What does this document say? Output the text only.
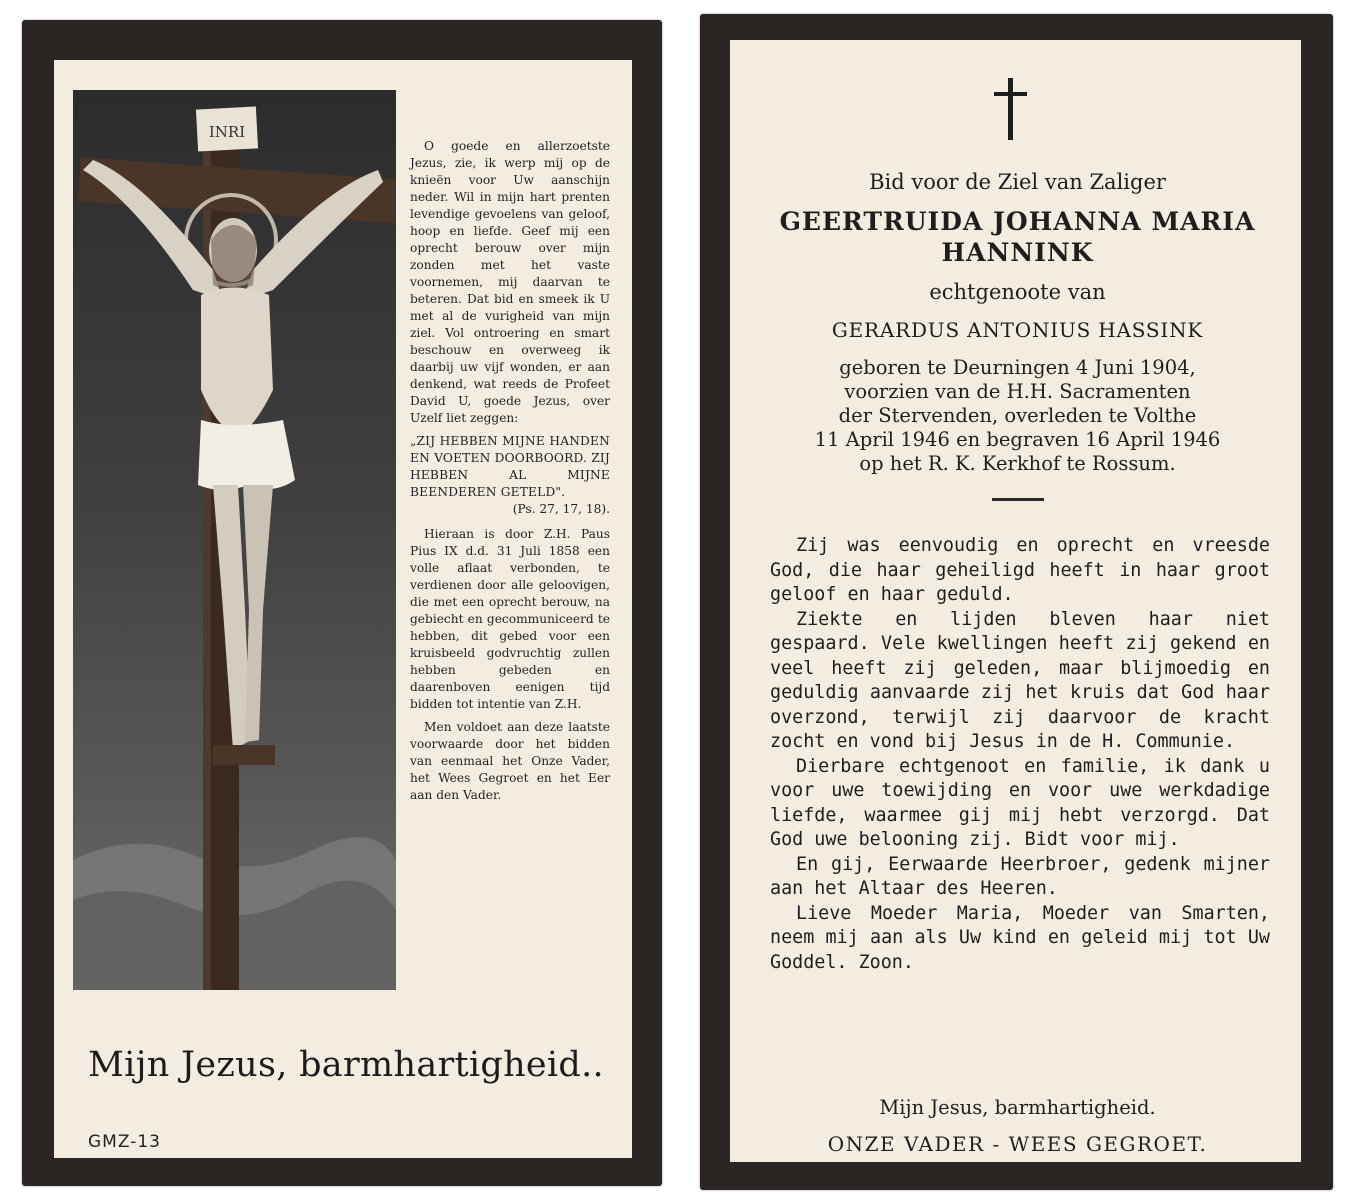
INRI

O goede en allerzoetste Jezus, zie, ik werp mij op de knieën voor Uw aanschijn neder. Wil in mijn hart prenten levendige gevoelens van geloof, hoop en liefde. Geef mij een oprecht berouw over mijn zonden met het vaste voornemen, mij daarvan te beteren. Dat bid en smeek ik U met al de vurigheid van mijn ziel. Vol ontroering en smart beschouw en overweeg ik daarbij uw vijf wonden, er aan denkend, wat reeds de Profeet David U, goede Jezus, over Uzelf liet zeggen:

„ZIJ HEBBEN MIJNE HANDEN EN VOETEN DOORBOORD. ZIJ HEBBEN AL MIJNE BEENDEREN GETELD".

(Ps. 27, 17, 18).

Hieraan is door Z.H. Paus Pius IX d.d. 31 Juli 1858 een volle aflaat verbonden, te verdienen door alle geloovigen, die met een oprecht berouw, na gebiecht en gecommuniceerd te hebben, dit gebed voor een kruisbeeld godvruchtig zullen hebben gebeden en daarenboven eenigen tijd bidden tot intentie van Z.H.

Men voldoet aan deze laatste voorwaarde door het bidden van eenmaal het Onze Vader, het Wees Gegroet en het Eer aan den Vader.

Mijn Jezus, barmhartigheid..
GMZ-13
Bid voor de Ziel van Zaliger
GEERTRUIDA JOHANNA MARIA
HANNINK
echtgenoote van
GERARDUS ANTONIUS HASSINK
geboren te Deurningen 4 Juni 1904,
voorzien van de H.H. Sacramenten
der Stervenden, overleden te Volthe
11 April 1946 en begraven 16 April 1946
op het R. K. Kerkhof te Rossum.

Zij was eenvoudig en oprecht en vreesde God, die haar geheiligd heeft in haar groot geloof en haar geduld.

Ziekte en lijden bleven haar niet gespaard. Vele kwellingen heeft zij gekend en veel heeft zij geleden, maar blijmoedig en geduldig aanvaarde zij het kruis dat God haar overzond, terwijl zij daarvoor de kracht zocht en vond bij Jesus in de H. Communie.

Dierbare echtgenoot en familie, ik dank u voor uwe toewijding en voor uwe werkdadige liefde, waarmee gij mij hebt verzorgd. Dat God uwe belooning zij. Bidt voor mij.

En gij, Eerwaarde Heerbroer, gedenk mijner aan het Altaar des Heeren.

Lieve Moeder Maria, Moeder van Smarten, neem mij aan als Uw kind en geleid mij tot Uw Goddel. Zoon.

Mijn Jesus, barmhartigheid.
ONZE VADER - WEES GEGROET.
